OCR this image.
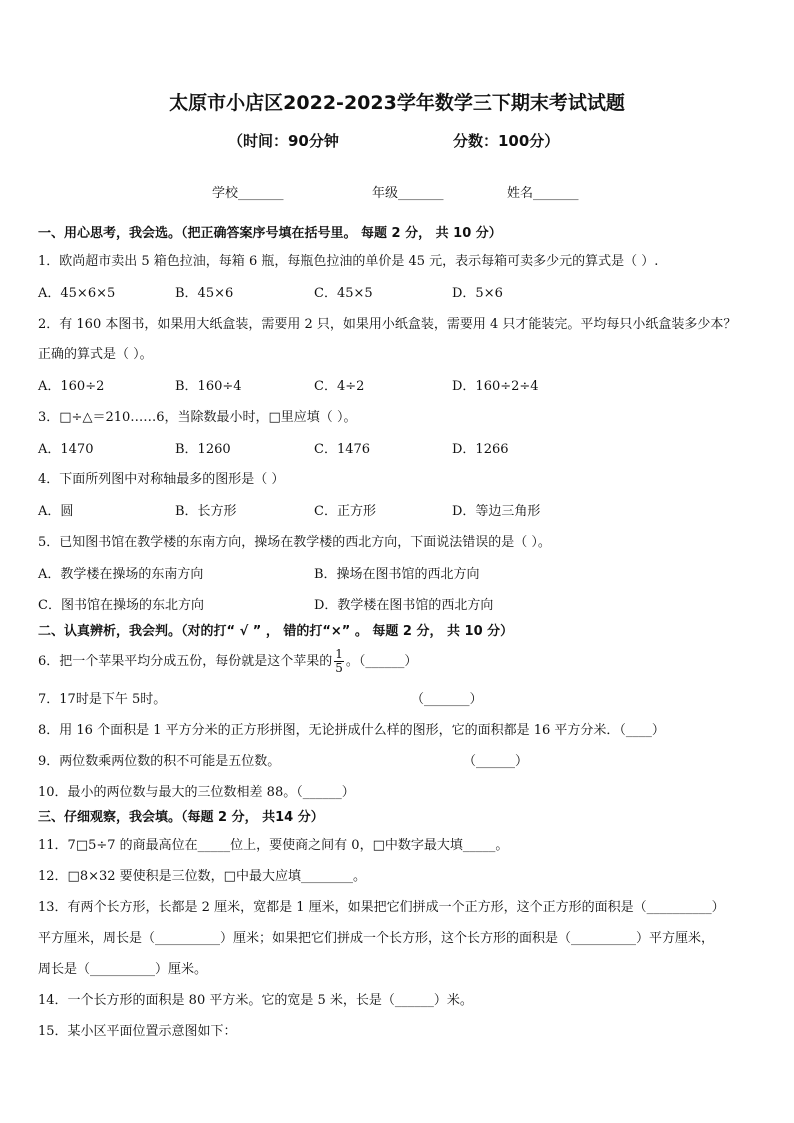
太原市小店区2022-2023学年数学三下期末考试试题
（时间：90分钟	分数：100分）
学校_______	年级_______	姓名_______
一、用心思考，我会选。（把正确答案序号填在括号里。 每题 2 分， 共 10 分）
1．欧尚超市卖出 5 箱色拉油，每箱 6 瓶，每瓶色拉油的单价是 45 元，表示每箱可卖多少元的算式是（ ）.
A．45×6×5	B．45×6	C．45×5	D．5×6
2．有 160 本图书，如果用大纸盒装，需要用 2 只，如果用小纸盒装，需要用 4 只才能装完。平均每只小纸盒装多少本？
正确的算式是（ ）。
A．160÷2	B．160÷4	C．4÷2	D．160÷2÷4
3．□÷△＝210……6，当除数最小时，□里应填（ ）。
A．1470	B．1260	C．1476	D．1266
4．下面所列图中对称轴最多的图形是（ ）
A．圆	B．长方形	C．正方形	D．等边三角形
5．已知图书馆在教学楼的东南方向，操场在教学楼的西北方向，下面说法错误的是（ ）。
A．教学楼在操场的东南方向	B．操场在图书馆的西北方向
C．图书馆在操场的东北方向	D．教学楼在图书馆的西北方向
二、认真辨析，我会判。（对的打“ √ ” ， 错的打“×” 。 每题 2 分， 共 10 分）
6．把一个苹果平均分成五份，每份就是这个苹果的 $\frac{1}{5}$ 。（______）
7．17时是下午 5时。	（_______）
8．用 16 个面积是 1 平方分米的正方形拼图，无论拼成什么样的图形，它的面积都是 16 平方分米．（____）
9．两位数乘两位数的积不可能是五位数。	（______）
10．最小的两位数与最大的三位数相差 88。（______）
三、仔细观察，我会填。（每题 2 分， 共14 分）
11．7□5÷7 的商最高位在_____位上，要使商之间有 0，□中数字最大填_____。
12．□8×32 要使积是三位数，□中最大应填________。
13．有两个长方形，长都是 2 厘米，宽都是 1 厘米，如果把它们拼成一个正方形，这个正方形的面积是（__________）
平方厘米，周长是（__________）厘米；如果把它们拼成一个长方形，这个长方形的面积是（__________）平方厘米，
周长是（__________）厘米。
14．一个长方形的面积是 80 平方米。它的宽是 5 米，长是（______）米。
15．某小区平面位置示意图如下：
